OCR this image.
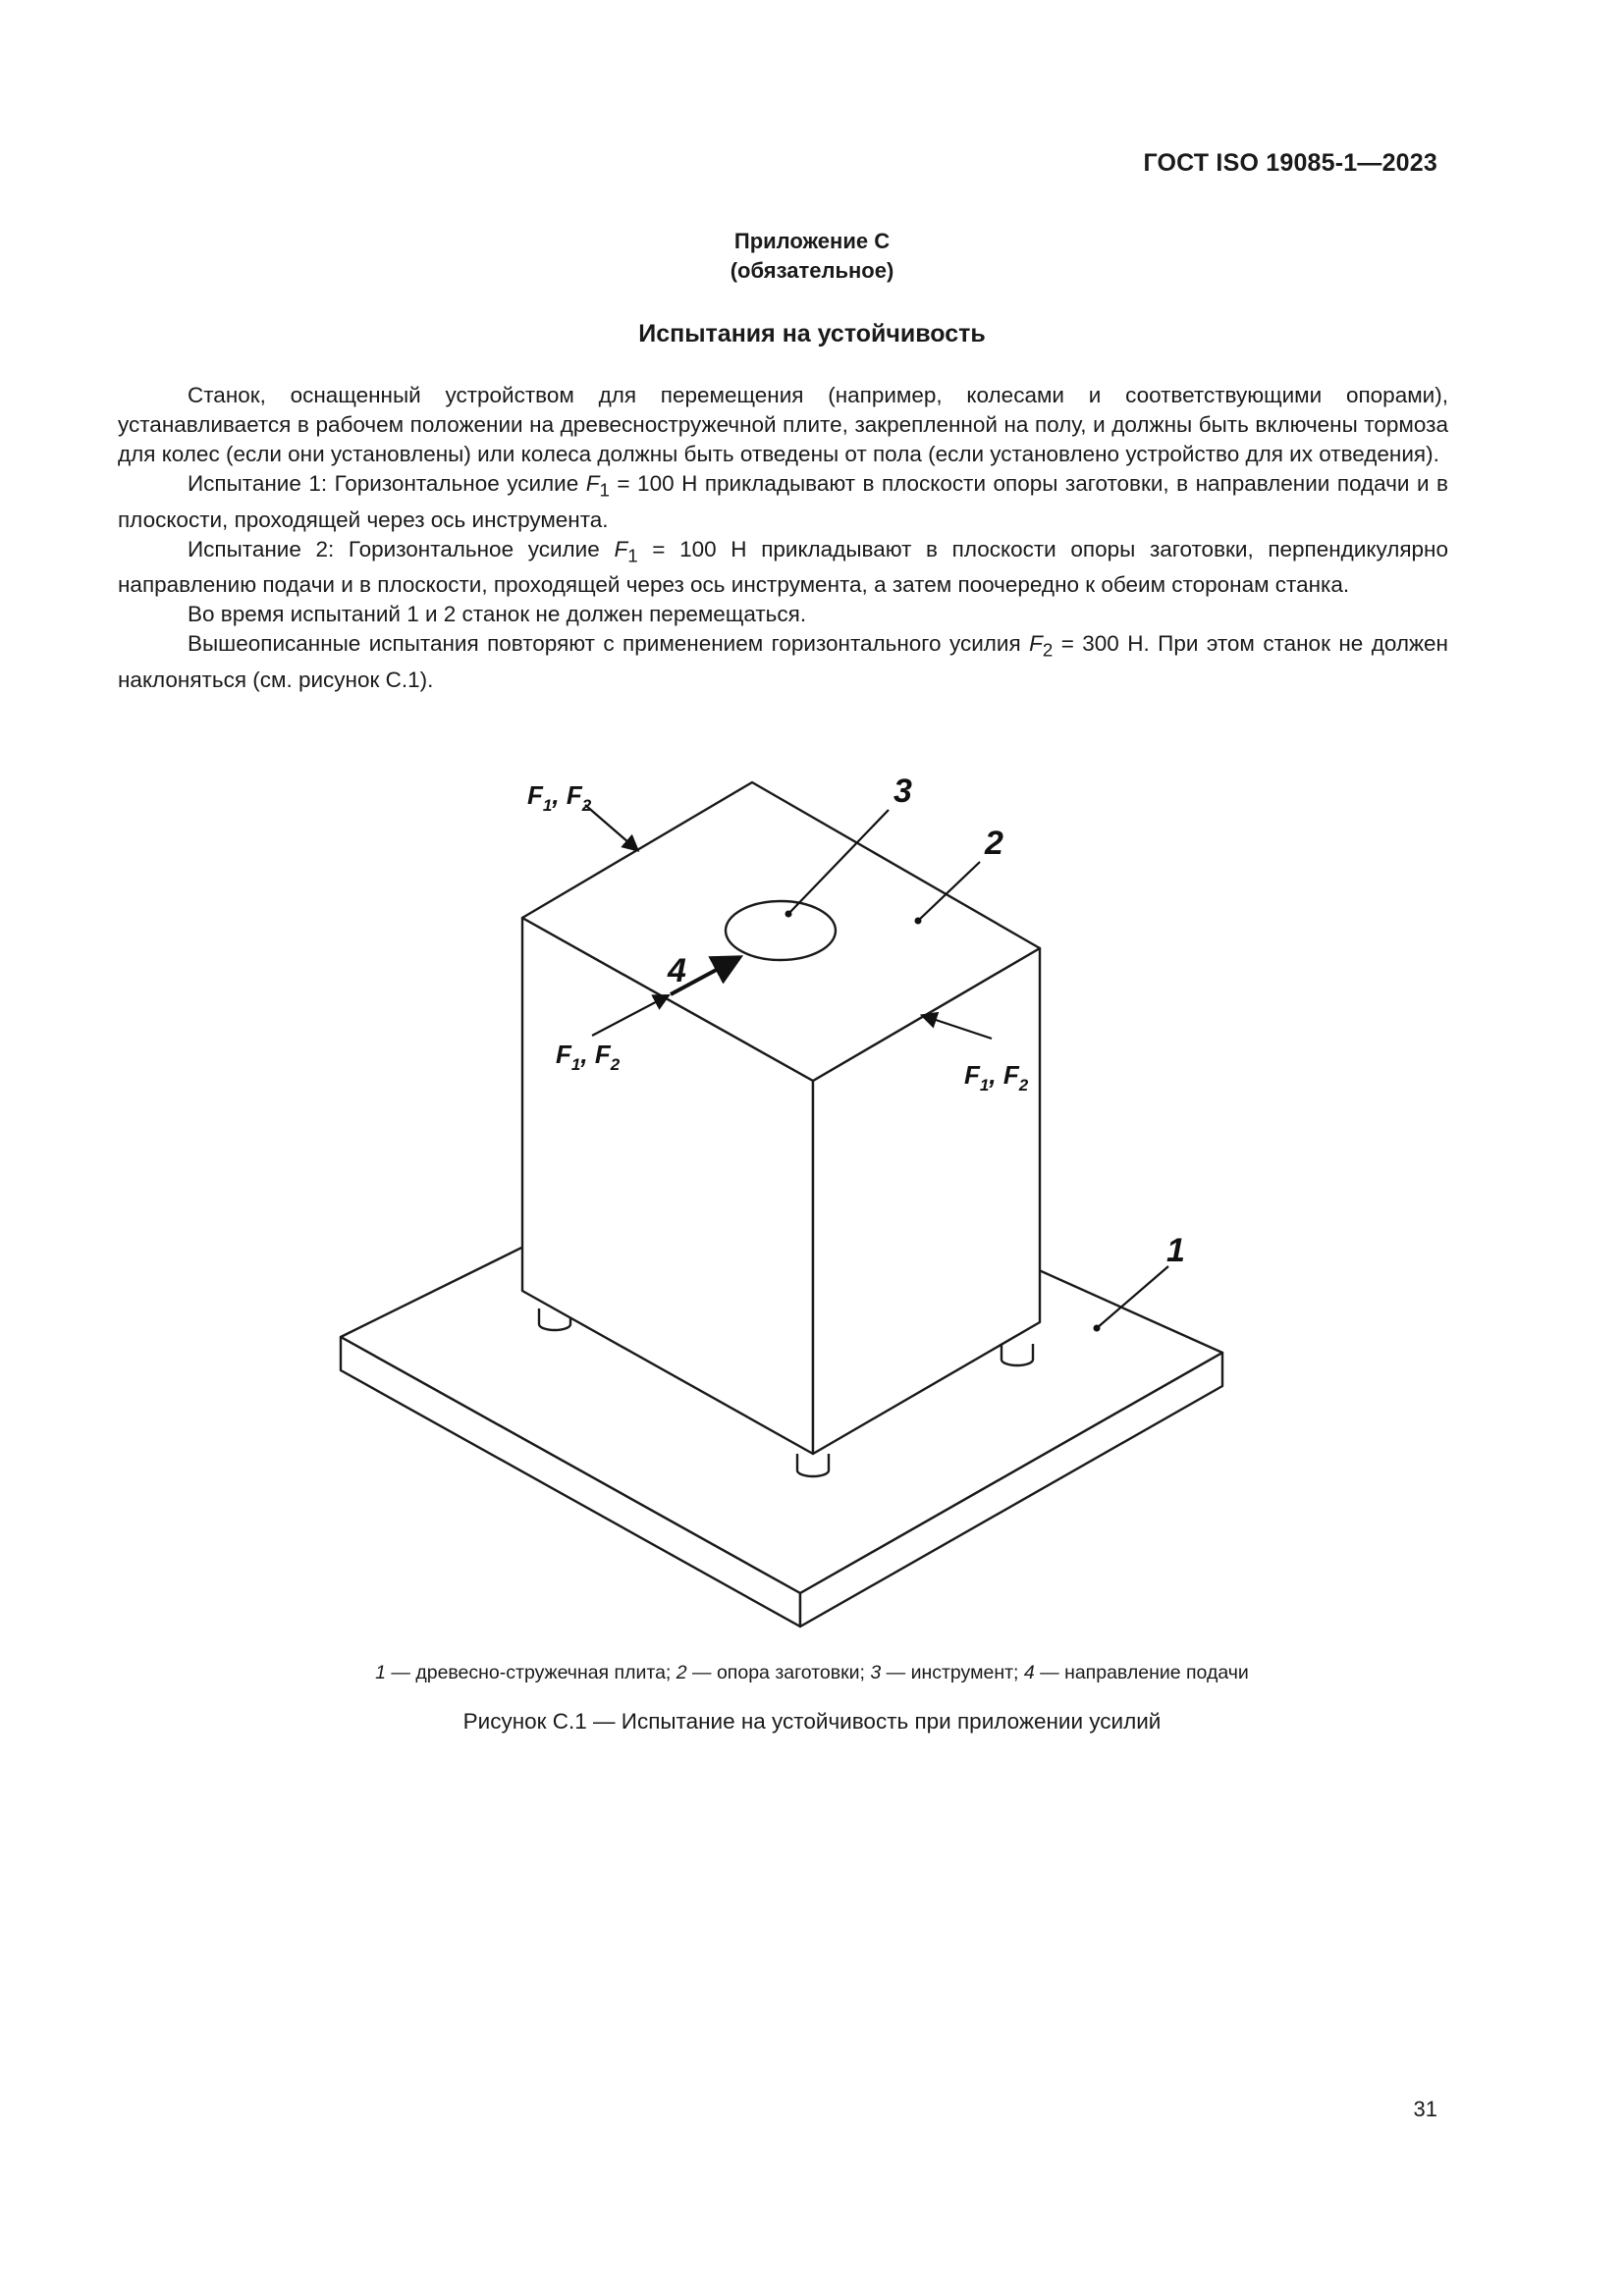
ГОСТ ISO 19085-1—2023
Приложение С
(обязательное)
Испытания на устойчивость

Станок, оснащенный устройством для перемещения (например, колесами и соответствующими опорами), устанавливается в рабочем положении на древесностружечной плите, закрепленной на полу, и должны быть включены тормоза для колес (если они установлены) или колеса должны быть отведены от пола (если установлено устройство для их отведения).

Испытание 1: Горизонтальное усилие $F_1 = 100$ Н прикладывают в плоскости опоры заготовки, в направлении подачи и в плоскости, проходящей через ось инструмента.

Испытание 2: Горизонтальное усилие $F_1 = 100$ Н прикладывают в плоскости опоры заготовки, перпендикулярно направлению подачи и в плоскости, проходящей через ось инструмента, а затем поочередно к обеим сторонам станка.

Во время испытаний 1 и 2 станок не должен перемещаться.

Вышеописанные испытания повторяют с применением горизонтального усилия $F_2 = 300$ Н. При этом станок не должен наклоняться (см. рисунок С.1).

1
2
3
4
$F_1$, $F_2$
$F_1$, $F_2$	$F_1$, $F_2$
1 — древесно-стружечная плита; 2 — опора заготовки; 3 — инструмент; 4 — направление подачи
Рисунок С.1 — Испытание на устойчивость при приложении усилий
31
